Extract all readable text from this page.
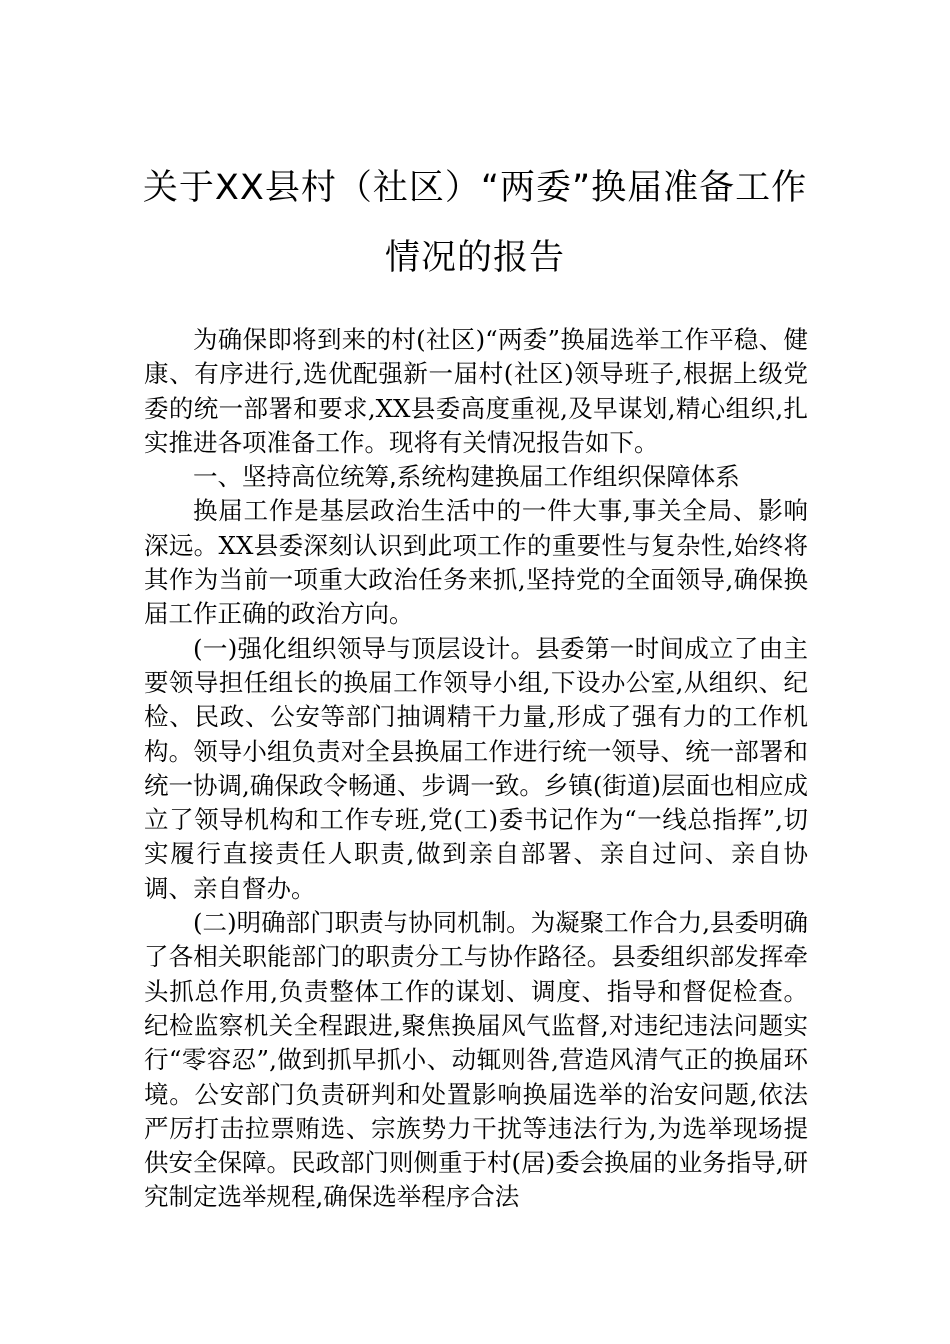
关于XX县村（社区）“两委”换届准备工作
情况的报告

为确保即将到来的村(社区)“两委”换届选举工作平稳、健康、有序进行,选优配强新一届村(社区)领导班子,根据上级党委的统一部署和要求,XX县委高度重视,及早谋划,精心组织,扎实推进各项准备工作。现将有关情况报告如下。

一、坚持高位统筹,系统构建换届工作组织保障体系

换届工作是基层政治生活中的一件大事,事关全局、影响深远。XX县委深刻认识到此项工作的重要性与复杂性,始终将其作为当前一项重大政治任务来抓,坚持党的全面领导,确保换届工作正确的政治方向。

(一)强化组织领导与顶层设计。县委第一时间成立了由主要领导担任组长的换届工作领导小组,下设办公室,从组织、纪检、民政、公安等部门抽调精干力量,形成了强有力的工作机构。领导小组负责对全县换届工作进行统一领导、统一部署和统一协调,确保政令畅通、步调一致。乡镇(街道)层面也相应成立了领导机构和工作专班,党(工)委书记作为“一线总指挥”,切实履行直接责任人职责,做到亲自部署、亲自过问、亲自协调、亲自督办。

(二)明确部门职责与协同机制。为凝聚工作合力,县委明确了各相关职能部门的职责分工与协作路径。县委组织部发挥牵头抓总作用,负责整体工作的谋划、调度、指导和督促检查。纪检监察机关全程跟进,聚焦换届风气监督,对违纪违法问题实行“零容忍”,做到抓早抓小、动辄则咎,营造风清气正的换届环境。公安部门负责研判和处置影响换届选举的治安问题,依法严厉打击拉票贿选、宗族势力干扰等违法行为,为选举现场提供安全保障。民政部门则侧重于村(居)委会换届的业务指导,研究制定选举规程,确保选举程序合法
